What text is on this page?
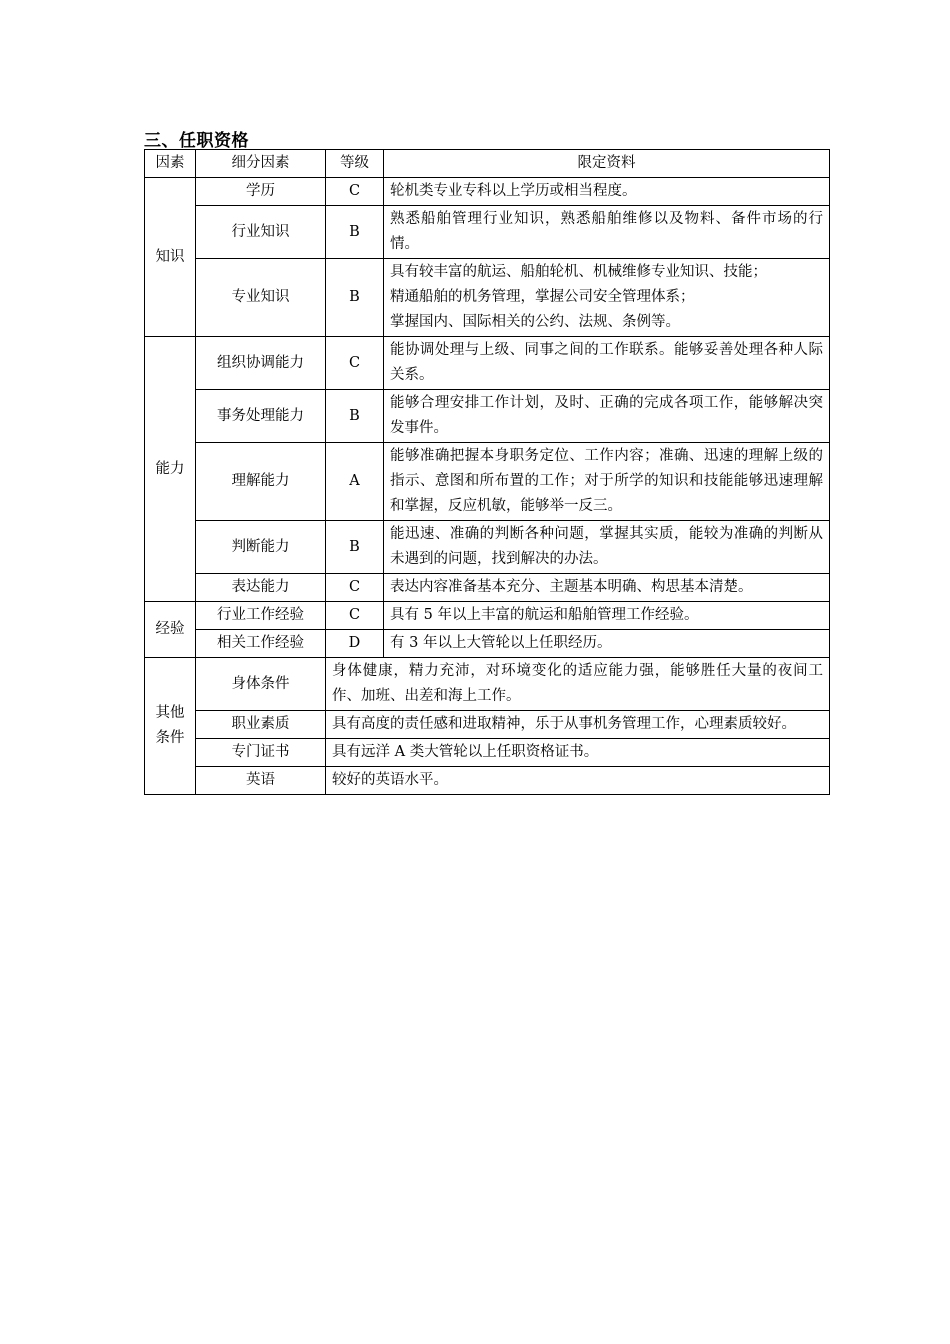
三、任职资格
因素	细分因素	等级	限定资料
知识	学历	C	轮机类专业专科以上学历或相当程度。
	行业知识	B	熟悉船舶管理行业知识，熟悉船舶维修以及物料、备件市场的行情。
	专业知识	B	具有较丰富的航运、船舶轮机、机械维修专业知识、技能；
精通船舶的机务管理，掌握公司安全管理体系；
掌握国内、国际相关的公约、法规、条例等。

能力	组织协调能力	C	能协调处理与上级、同事之间的工作联系。能够妥善处理各种人际关系。
	事务处理能力	B	能够合理安排工作计划，及时、正确的完成各项工作，能够解决突发事件。
	理解能力	A	能够准确把握本身职务定位、工作内容；准确、迅速的理解上级的指示、意图和所布置的工作；对于所学的知识和技能能够迅速理解和掌握，反应机敏，能够举一反三。
	判断能力	B	能迅速、准确的判断各种问题，掌握其实质，能较为准确的判断从未遇到的问题，找到解决的办法。
	表达能力	C	表达内容准备基本充分、主题基本明确、构思基本清楚。
经验	行业工作经验	C	具有 5 年以上丰富的航运和船舶管理工作经验。
	相关工作经验	D	有 3 年以上大管轮以上任职经历。
其他条件	身体条件	身体健康，精力充沛，对环境变化的适应能力强，能够胜任大量的夜间工作、加班、出差和海上工作。	
	职业素质	具有高度的责任感和进取精神，乐于从事机务管理工作，心理素质较好。	
	专门证书	具有远洋 A 类大管轮以上任职资格证书。	
	英语	较好的英语水平。	
